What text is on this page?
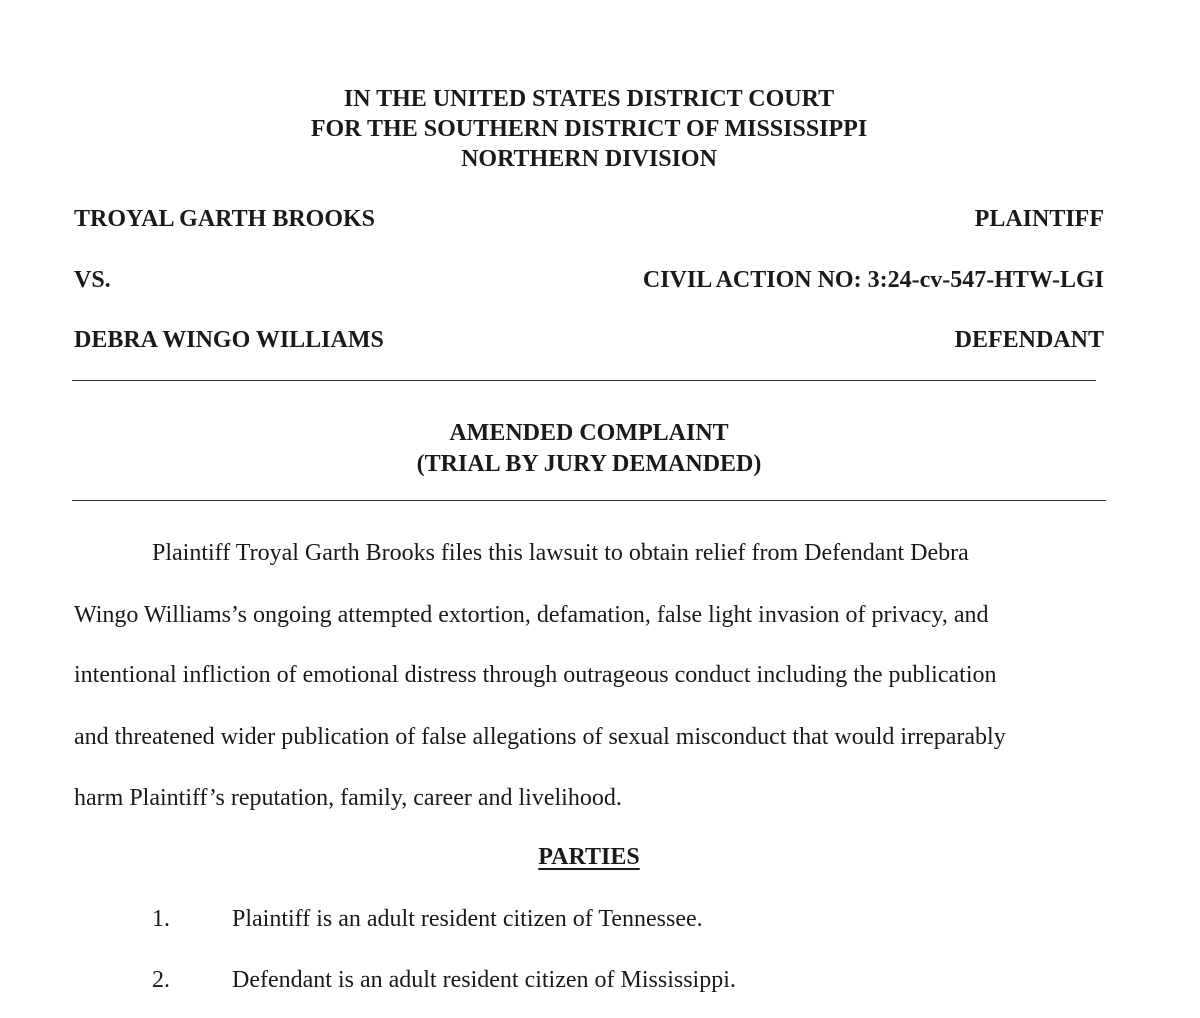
IN THE UNITED STATES DISTRICT COURT
FOR THE SOUTHERN DISTRICT OF MISSISSIPPI
NORTHERN DIVISION
TROYAL GARTH BROOKS	PLAINTIFF
VS.	CIVIL ACTION NO: 3:24-cv-547-HTW-LGI
DEBRA WINGO WILLIAMS	DEFENDANT
AMENDED COMPLAINT
(TRIAL BY JURY DEMANDED)
Plaintiff Troyal Garth Brooks files this lawsuit to obtain relief from Defendant Debra
Wingo Williams’s ongoing attempted extortion, defamation, false light invasion of privacy, and
intentional infliction of emotional distress through outrageous conduct including the publication
and threatened wider publication of false allegations of sexual misconduct that would irreparably
harm Plaintiff’s reputation, family, career and livelihood.
PARTIES
1.	Plaintiff is an adult resident citizen of Tennessee.
2.	Defendant is an adult resident citizen of Mississippi.
